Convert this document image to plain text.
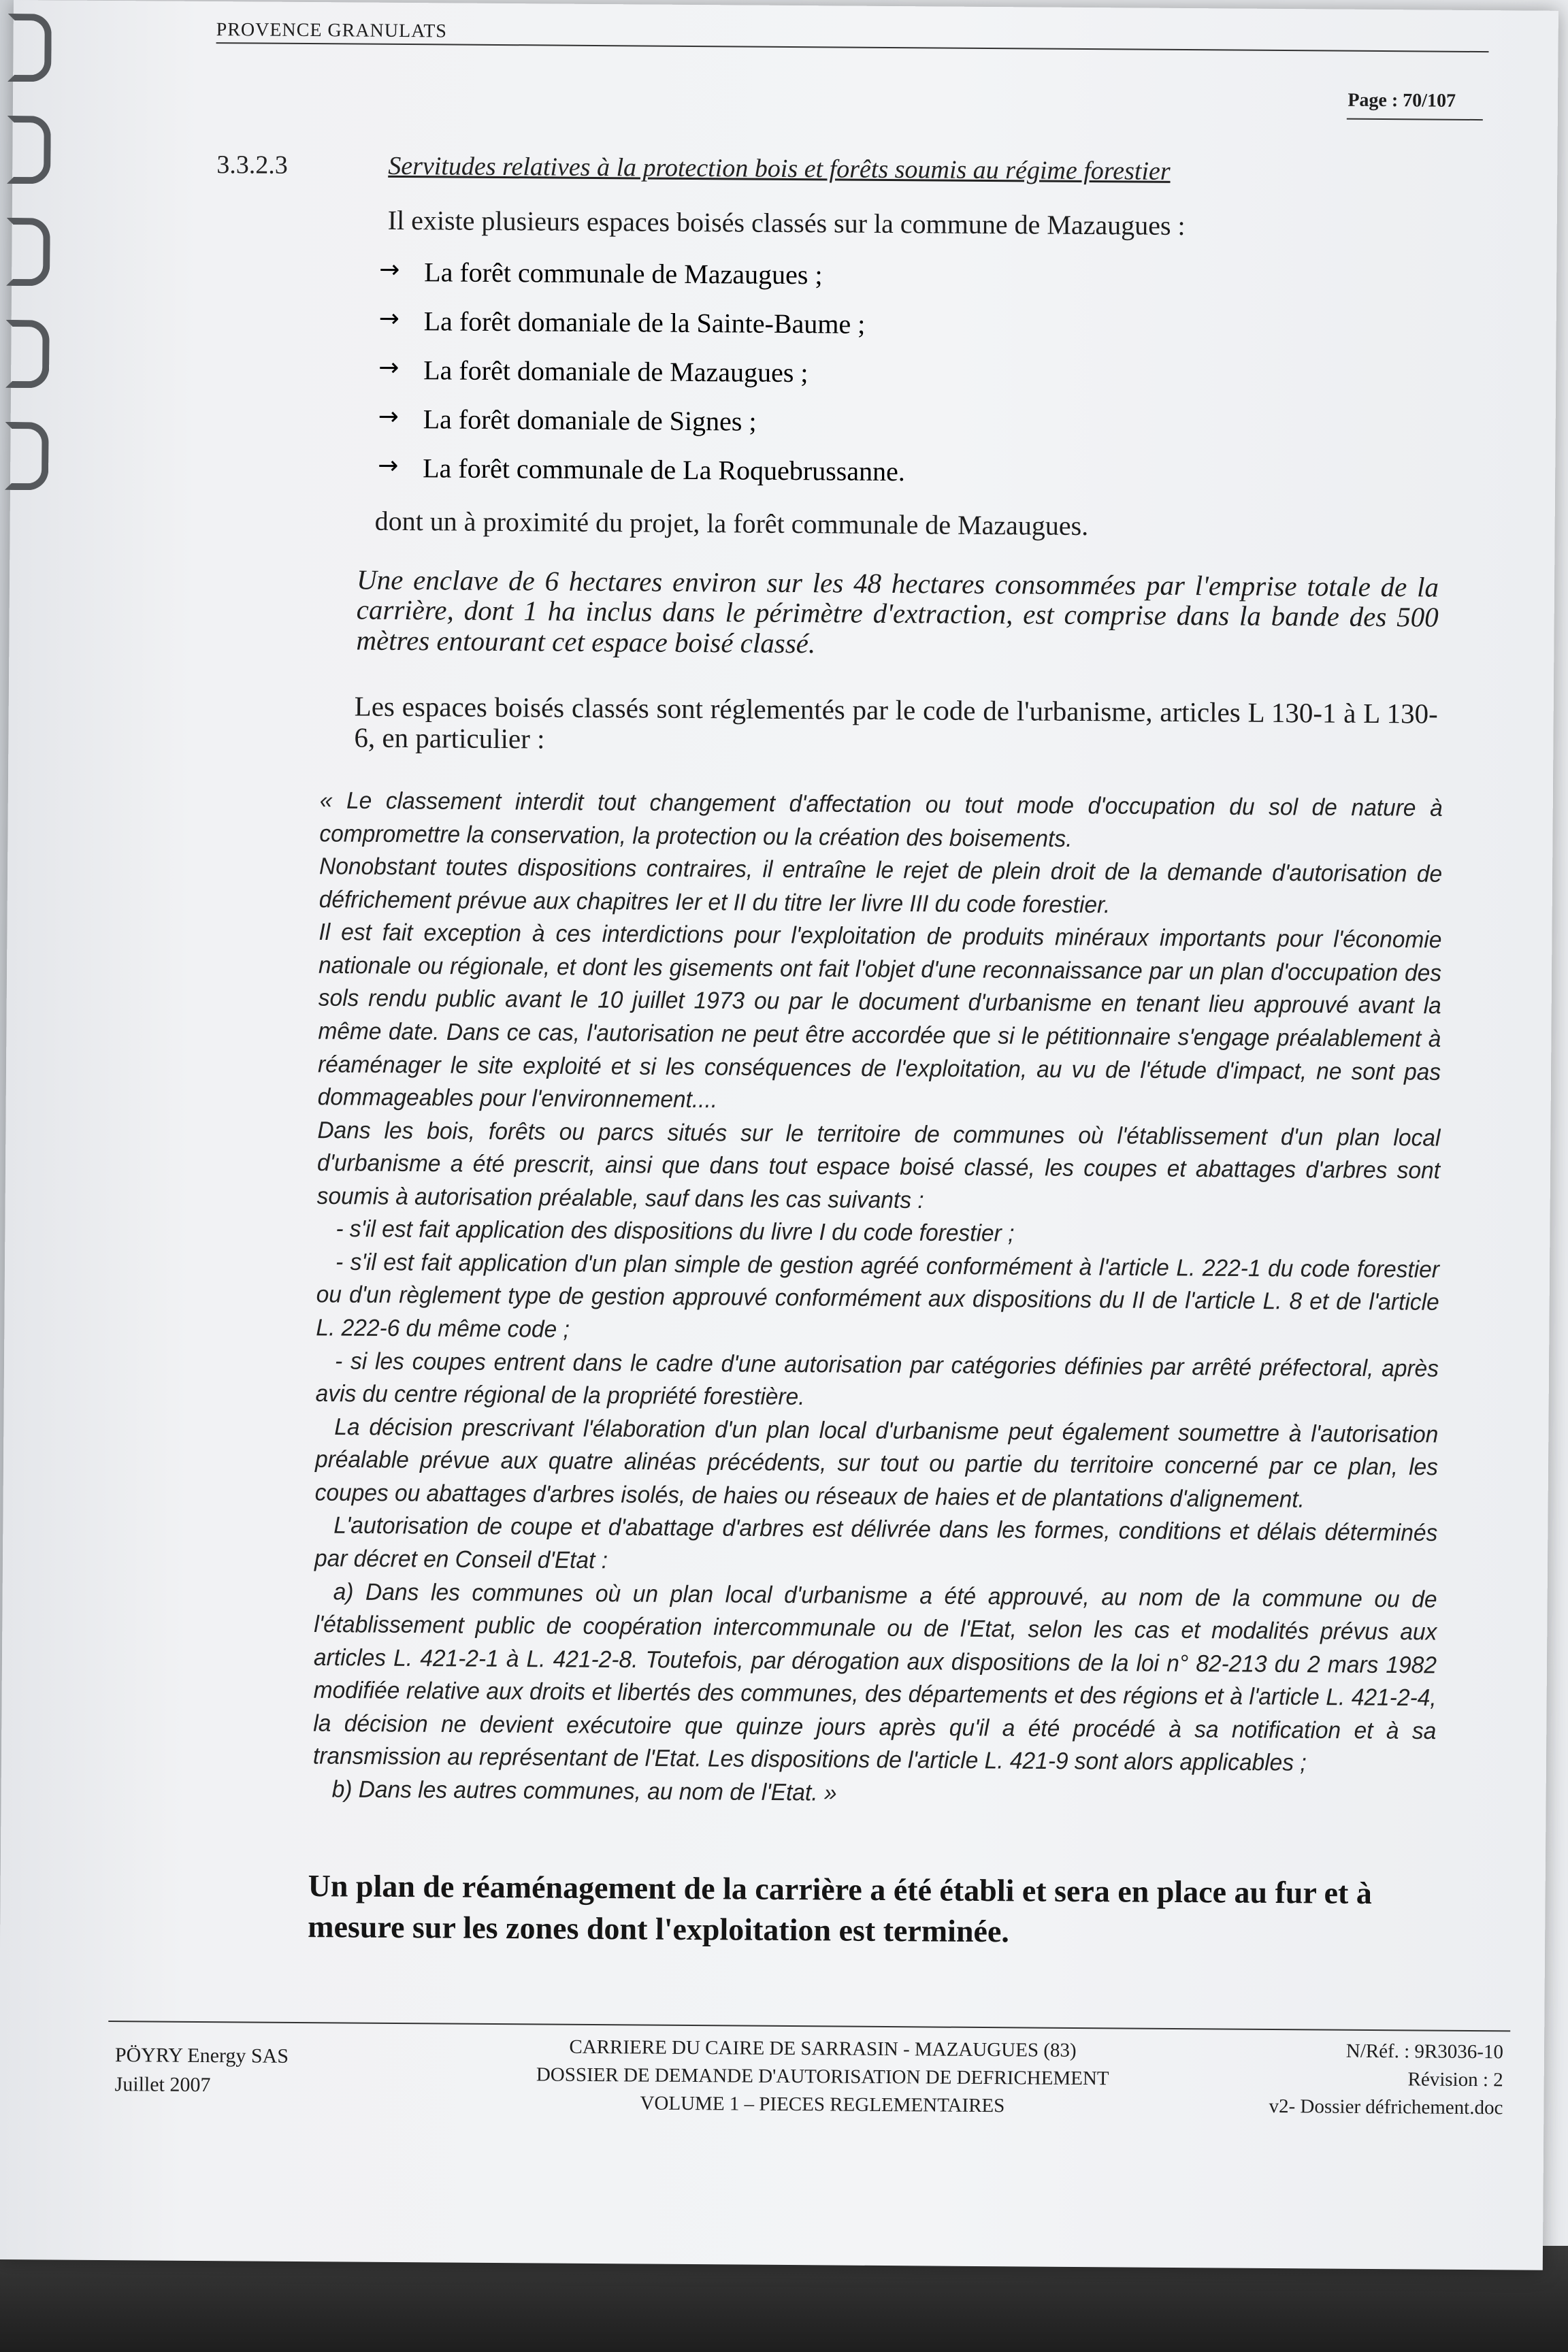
PROVENCE GRANULATS
Page : 70/107
3.3.2.3	Servitudes relatives à la protection bois et forêts soumis au régime forestier
Il existe plusieurs espaces boisés classés sur la commune de Mazaugues :
→ La forêt communale de Mazaugues ;
→ La forêt domaniale de la Sainte-Baume ;
→ La forêt domaniale de Mazaugues ;
→ La forêt domaniale de Signes ;
→ La forêt communale de La Roquebrussanne.
dont un à proximité du projet, la forêt communale de Mazaugues.
Une enclave de 6 hectares environ sur les 48 hectares consommées par l'emprise totale de la carrière, dont 1 ha inclus dans le périmètre d'extraction, est comprise dans la bande des 500 mètres entourant cet espace boisé classé.
Les espaces boisés classés sont réglementés par le code de l'urbanisme, articles L 130-1 à L 130-6, en particulier :

« Le classement interdit tout changement d'affectation ou tout mode d'occupation du sol de nature à compromettre la conservation, la protection ou la création des boisements.

Nonobstant toutes dispositions contraires, il entraîne le rejet de plein droit de la demande d'autorisation de défrichement prévue aux chapitres Ier et II du titre Ier livre III du code forestier.

Il est fait exception à ces interdictions pour l'exploitation de produits minéraux importants pour l'économie nationale ou régionale, et dont les gisements ont fait l'objet d'une reconnaissance par un plan d'occupation des sols rendu public avant le 10 juillet 1973 ou par le document d'urbanisme en tenant lieu approuvé avant la même date. Dans ce cas, l'autorisation ne peut être accordée que si le pétitionnaire s'engage préalablement à réaménager le site exploité et si les conséquences de l'exploitation, au vu de l'étude d'impact, ne sont pas dommageables pour l'environnement....

Dans les bois, forêts ou parcs situés sur le territoire de communes où l'établissement d'un plan local d'urbanisme a été prescrit, ainsi que dans tout espace boisé classé, les coupes et abattages d'arbres sont soumis à autorisation préalable, sauf dans les cas suivants :

- s'il est fait application des dispositions du livre I du code forestier ;

- s'il est fait application d'un plan simple de gestion agréé conformément à l'article L. 222-1 du code forestier ou d'un règlement type de gestion approuvé conformément aux dispositions du II de l'article L. 8 et de l'article L. 222-6 du même code ;

- si les coupes entrent dans le cadre d'une autorisation par catégories définies par arrêté préfectoral, après avis du centre régional de la propriété forestière.

La décision prescrivant l'élaboration d'un plan local d'urbanisme peut également soumettre à l'autorisation préalable prévue aux quatre alinéas précédents, sur tout ou partie du territoire concerné par ce plan, les coupes ou abattages d'arbres isolés, de haies ou réseaux de haies et de plantations d'alignement.

L'autorisation de coupe et d'abattage d'arbres est délivrée dans les formes, conditions et délais déterminés par décret en Conseil d'Etat :

a) Dans les communes où un plan local d'urbanisme a été approuvé, au nom de la commune ou de l'établissement public de coopération intercommunale ou de l'Etat, selon les cas et modalités prévus aux articles L. 421-2-1 à L. 421-2-8. Toutefois, par dérogation aux dispositions de la loi n° 82-213 du 2 mars 1982 modifiée relative aux droits et libertés des communes, des départements et des régions et à l'article L. 421-2-4, la décision ne devient exécutoire que quinze jours après qu'il a été procédé à sa notification et à sa transmission au représentant de l'Etat. Les dispositions de l'article L. 421-9 sont alors applicables ;

b) Dans les autres communes, au nom de l'Etat. »

Un plan de réaménagement de la carrière a été établi et sera en place au fur et à mesure sur les zones dont l'exploitation est terminée.
PÖYRY Energy SAS
Juillet 2007
CARRIERE DU CAIRE DE SARRASIN - MAZAUGUES (83)
DOSSIER DE DEMANDE D'AUTORISATION DE DEFRICHEMENT
VOLUME 1 – PIECES REGLEMENTAIRES
N/Réf. : 9R3036-10
Révision : 2
v2- Dossier défrichement.doc
